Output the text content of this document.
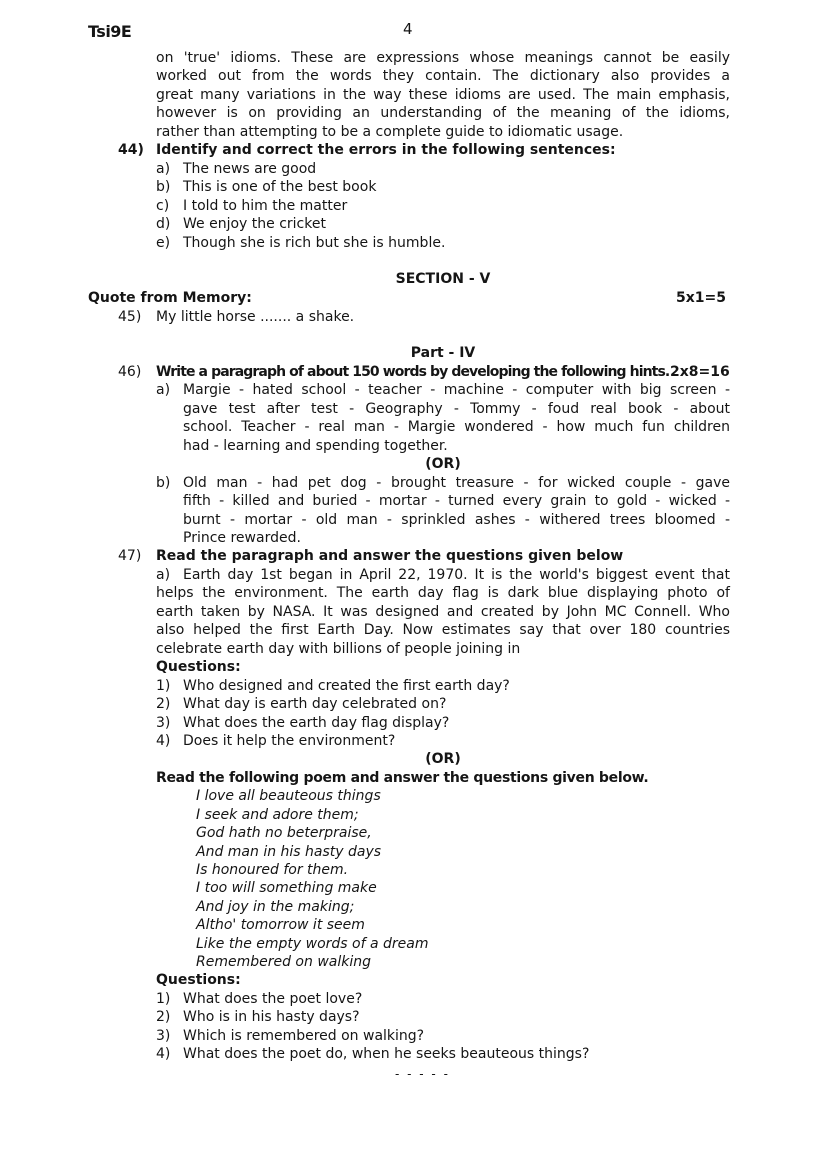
Tsi9E	4
on 'true' idioms. These are expressions whose meanings cannot be easily
worked out from the words they contain. The dictionary also provides a
great many variations in the way these idioms are used. The main emphasis,
however is on providing an understanding of the meaning of the idioms,
rather than attempting to be a complete guide to idiomatic usage.
44) Identify and correct the errors in the following sentences:
a) The news are good
b) This is one of the best book
c) I told to him the matter
d) We enjoy the cricket
e) Though she is rich but she is humble.
SECTION - V
Quote from Memory:	5x1=5
45) My little horse ....... a shake.
Part - IV
46) Write a paragraph of about 150 words by developing the following hints. 2x8=16
a) Margie - hated school - teacher - machine - computer with big screen -
gave test after test - Geography - Tommy - foud real book - about
school. Teacher - real man - Margie wondered - how much fun children
had - learning and spending together.
(OR)
b) Old man - had pet dog - brought treasure - for wicked couple - gave
fifth - killed and buried - mortar - turned every grain to gold - wicked -
burnt - mortar - old man - sprinkled ashes - withered trees bloomed -
Prince rewarded.
47) Read the paragraph and answer the questions given below
a) Earth day 1st began in April 22, 1970. It is the world's biggest event that
helps the environment. The earth day flag is dark blue displaying photo of
earth taken by NASA. It was designed and created by John MC Connell. Who
also helped the first Earth Day. Now estimates say that over 180 countries
celebrate earth day with billions of people joining in
Questions:
1) Who designed and created the first earth day?
2) What day is earth day celebrated on?
3) What does the earth day flag display?
4) Does it help the environment?
(OR)
Read the following poem and answer the questions given below.
I love all beauteous things
I seek and adore them;
God hath no beterpraise,
And man in his hasty days
Is honoured for them.
I too will something make
And joy in the making;
Altho' tomorrow it seem
Like the empty words of a dream
Remembered on walking
Questions:
1) What does the poet love?
2) Who is in his hasty days?
3) Which is remembered on walking?
4) What does the poet do, when he seeks beauteous things?
- - - - -
